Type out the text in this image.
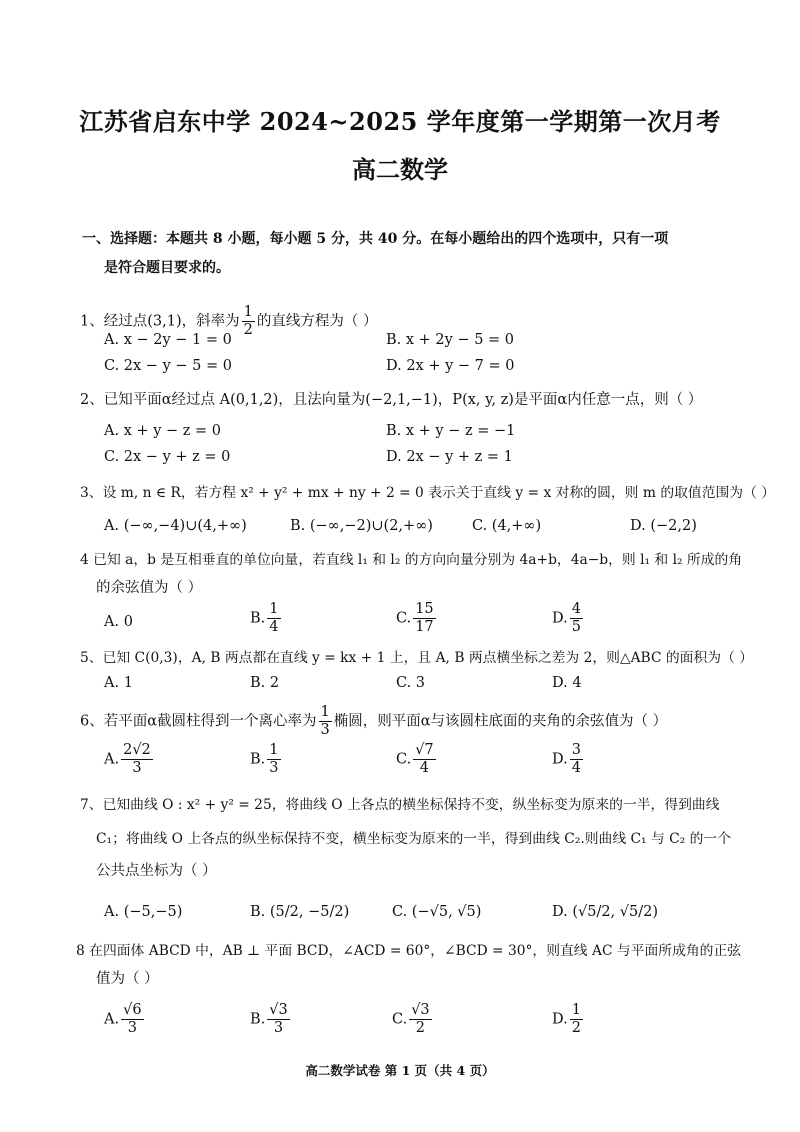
江苏省启东中学 2024~2025 学年度第一学期第一次月考
高二数学
一、选择题：本题共 8 小题，每小题 5 分，共 40 分。在每小题给出的四个选项中，只有一项
是符合题目要求的。
1、经过点(3,1)，斜率为 $\frac{1}{2}$ 的直线方程为（ ）
A. x − 2y − 1 = 0	B. x + 2y − 5 = 0
C. 2x − y − 5 = 0	D. 2x + y − 7 = 0
2、已知平面α经过点 A(0,1,2)，且法向量为(−2,1,−1)，P(x, y, z)是平面α内任意一点，则（ ）
A. x + y − z = 0	B. x + y − z = −1
C. 2x − y + z = 0	D. 2x − y + z = 1
3、设 m, n ∈ R，若方程 x² + y² + mx + ny + 2 = 0 表示关于直线 y = x 对称的圆，则 m 的取值范围为（ ）
A. (−∞,−4)∪(4,+∞)	B. (−∞,−2)∪(2,+∞)	C. (4,+∞)	D. (−2,2)
4 已知 a，b 是互相垂直的单位向量，若直线 l₁ 和 l₂ 的方向向量分别为 4a+b，4a−b，则 l₁ 和 l₂ 所成的角
的余弦值为（ ）
A. 0	B. $\frac{1}{4}$	C. $\frac{15}{17}$	D. $\frac{4}{5}$
5、已知 C(0,3)，A, B 两点都在直线 y = kx + 1 上，且 A, B 两点横坐标之差为 2，则△ABC 的面积为（ ）
A. 1	B. 2	C. 3	D. 4
6、若平面α截圆柱得到一个离心率为 $\frac{1}{3}$ 椭圆，则平面α与该圆柱底面的夹角的余弦值为（ ）
A. $\frac{2√2}{3}$	B. $\frac{1}{3}$	C. $\frac{√7}{4}$	D. $\frac{3}{4}$
7、已知曲线 O : x² + y² = 25，将曲线 O 上各点的横坐标保持不变，纵坐标变为原来的一半，得到曲线
C₁；将曲线 O 上各点的纵坐标保持不变，横坐标变为原来的一半，得到曲线 C₂.则曲线 C₁ 与 C₂ 的一个
公共点坐标为（ ）
A. (−5,−5)	B. (5/2, −5/2)	C. (−√5, √5)	D. (√5/2, √5/2)
8 在四面体 ABCD 中，AB ⊥ 平面 BCD，∠ACD = 60°，∠BCD = 30°，则直线 AC 与平面所成角的正弦
值为（ ）
A. $\frac{√6}{3}$	B. $\frac{√3}{3}$	C. $\frac{√3}{2}$	D. $\frac{1}{2}$
高二数学试卷 第 1 页（共 4 页）
